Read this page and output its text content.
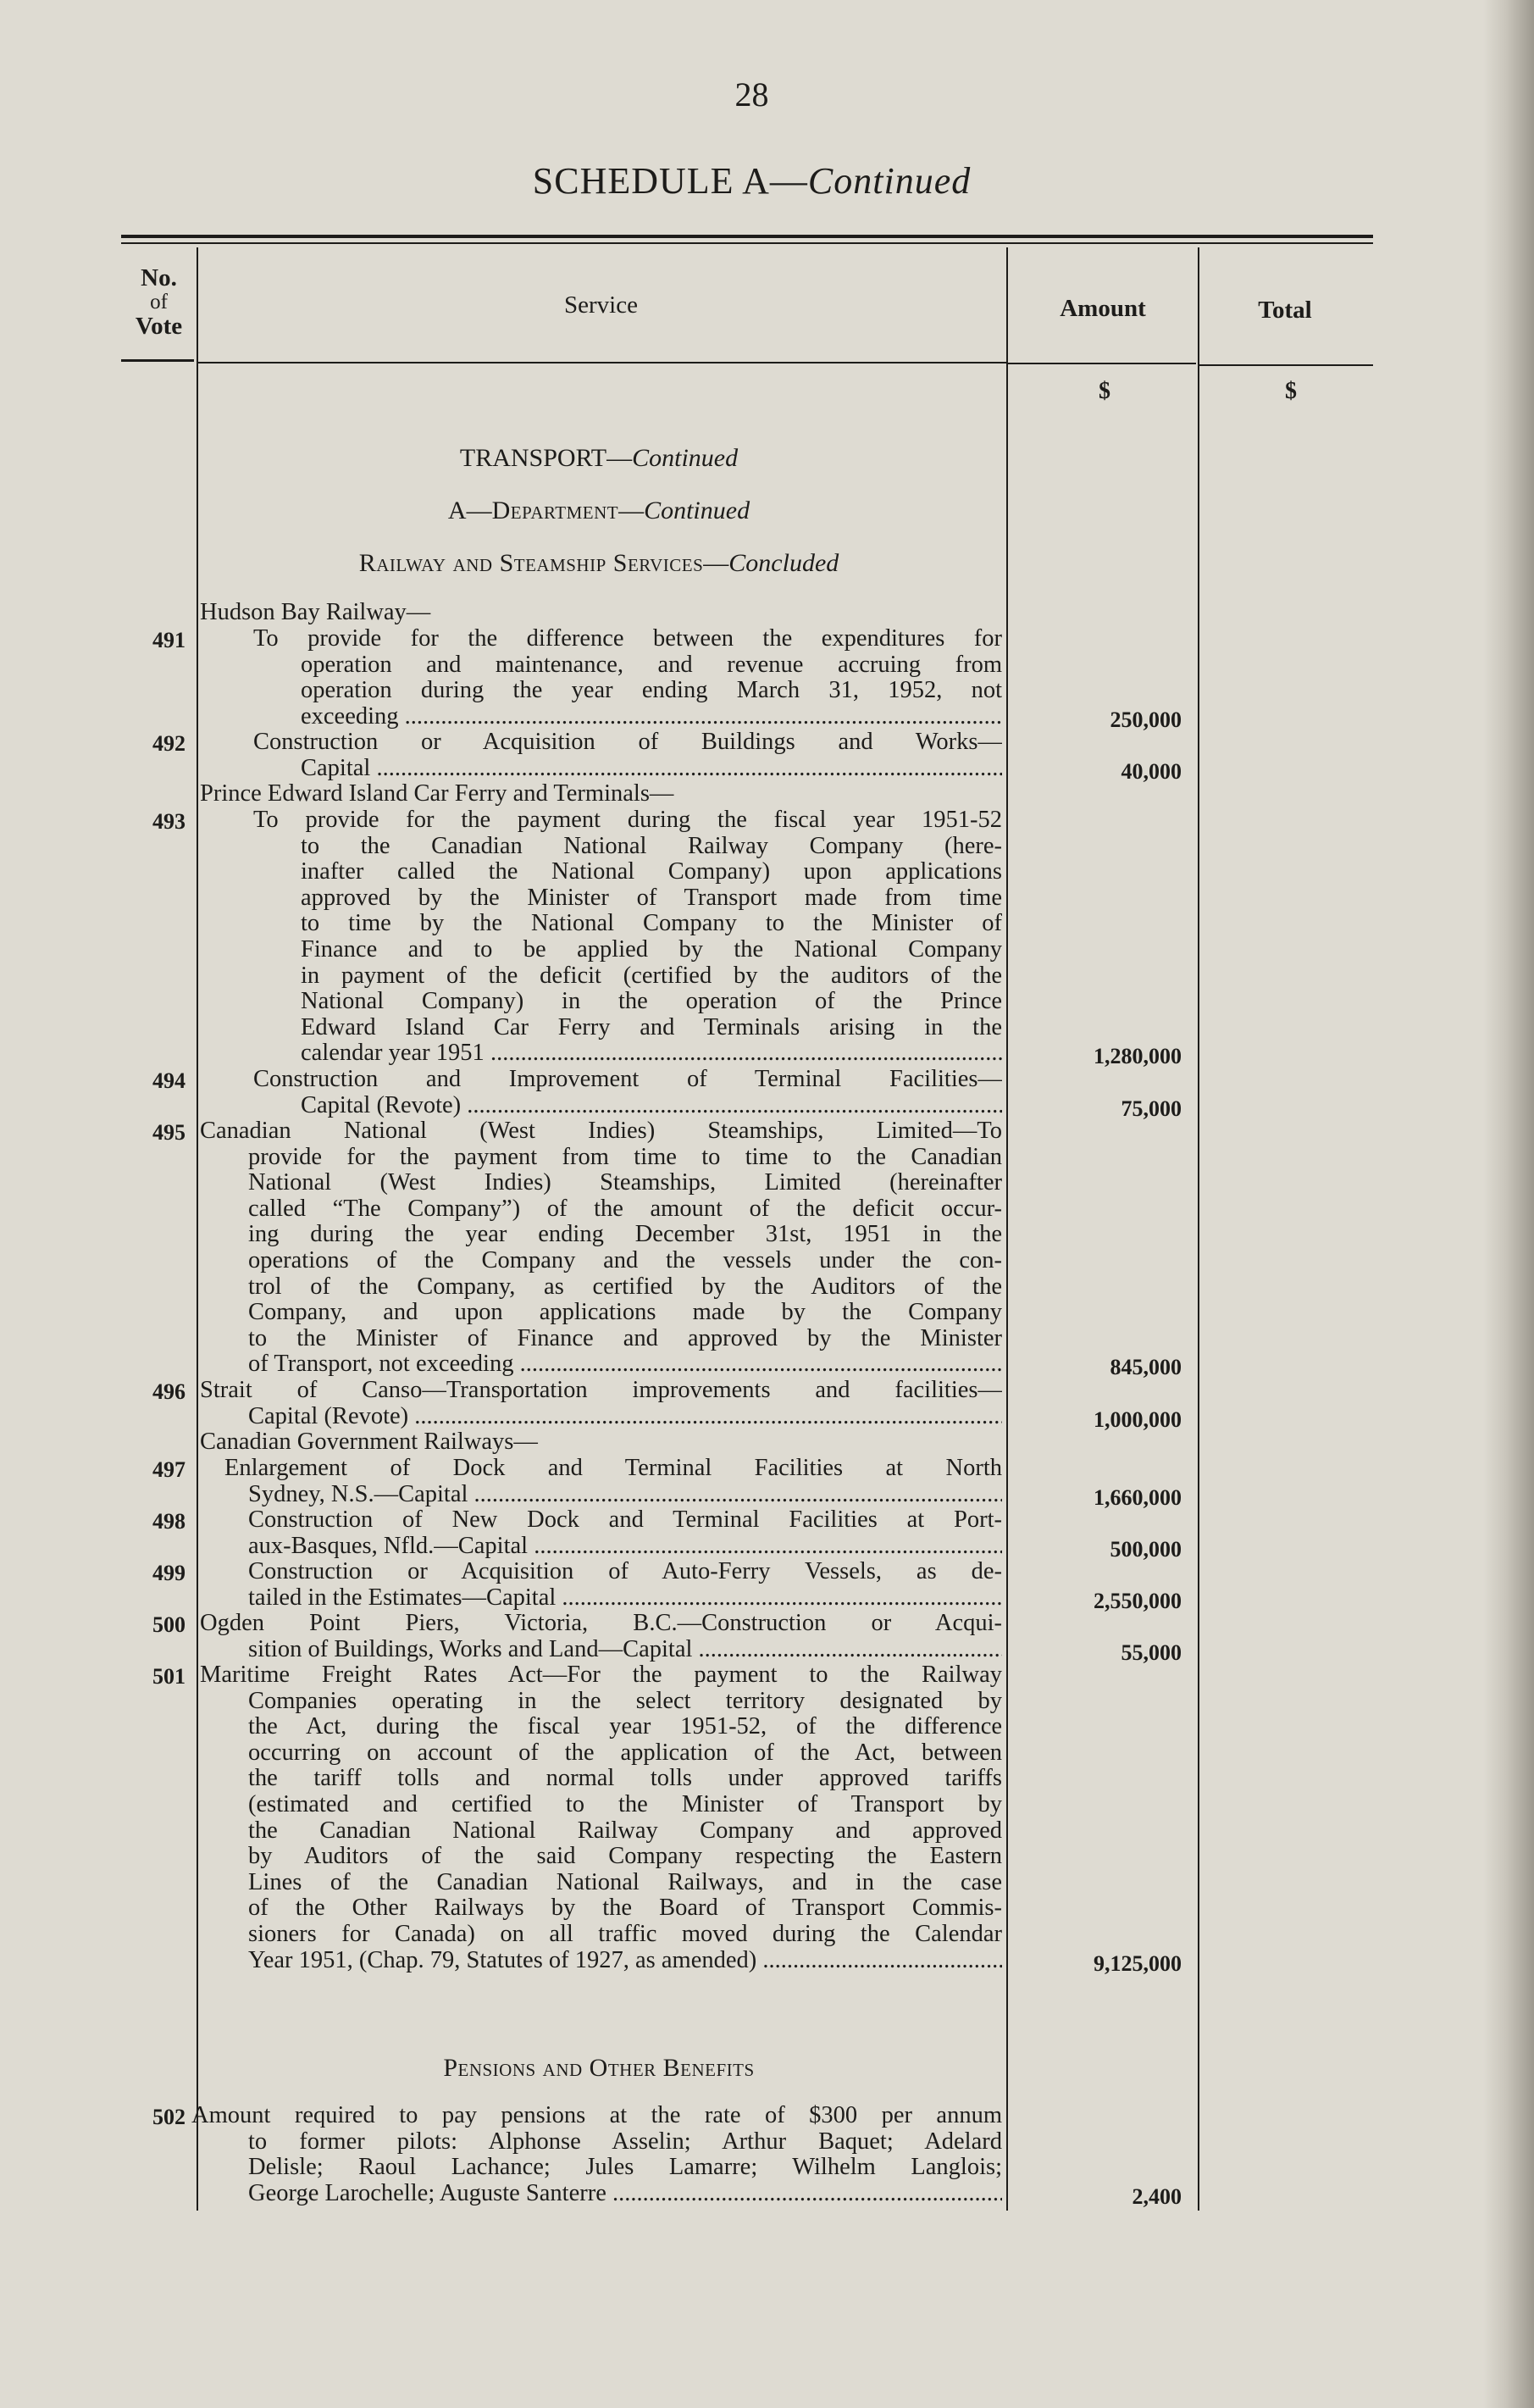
28
SCHEDULE A—Continued
No.
of
Vote
Service	Amount	Total
$	$
TRANSPORT—Continued
A—Department—Continued
Railway and Steamship Services—Concluded
Pensions and Other Benefits
Hudson Bay Railway—
491	To provide for the difference between the expenditures for
operation and maintenance, and revenue accruing from
operation during the year ending March 31, 1952, not
exceeding .....	250,000
492	Construction or Acquisition of Buildings and Works—
Capital .....	40,000
Prince Edward Island Car Ferry and Terminals—
493	To provide for the payment during the fiscal year 1951-52
to the Canadian National Railway Company (here-
inafter called the National Company) upon applications
approved by the Minister of Transport made from time
to time by the National Company to the Minister of
Finance and to be applied by the National Company
in payment of the deficit (certified by the auditors of the
National Company) in the operation of the Prince
Edward Island Car Ferry and Terminals arising in the
calendar year 1951 .....	1,280,000
494	Construction and Improvement of Terminal Facilities—
Capital (Revote) .....	75,000
495 Canadian National (West Indies) Steamships, Limited—To
provide for the payment from time to time to the Canadian
National (West Indies) Steamships, Limited (hereinafter
called “The Company”) of the amount of the deficit occur-
ing during the year ending December 31st, 1951 in the
operations of the Company and the vessels under the con-
trol of the Company, as certified by the Auditors of the
Company, and upon applications made by the Company
to the Minister of Finance and approved by the Minister
of Transport, not exceeding .....	845,000
496 Strait of Canso—Transportation improvements and facilities—
Capital (Revote) .....	1,000,000
Canadian Government Railways—
497 Enlargement of Dock and Terminal Facilities at North
Sydney, N.S.—Capital .....	1,660,000
498	Construction of New Dock and Terminal Facilities at Port-
aux-Basques, Nfld.—Capital .....	500,000
499	Construction or Acquisition of Auto-Ferry Vessels, as de-
tailed in the Estimates—Capital .....	2,550,000
500 Ogden Point Piers, Victoria, B.C.—Construction or Acqui-
sition of Buildings, Works and Land—Capital .....	55,000
501 Maritime Freight Rates Act—For the payment to the Railway
Companies operating in the select territory designated by
the Act, during the fiscal year 1951-52, of the difference
occurring on account of the application of the Act, between
the tariff tolls and normal tolls under approved tariffs
(estimated and certified to the Minister of Transport by
the Canadian National Railway Company and approved
by Auditors of the said Company respecting the Eastern
Lines of the Canadian National Railways, and in the case
of the Other Railways by the Board of Transport Commis-
sioners for Canada) on all traffic moved during the Calendar
Year 1951, (Chap. 79, Statutes of 1927, as amended) .....	9,125,000
502 Amount required to pay pensions at the rate of $300 per annum
to former pilots: Alphonse Asselin; Arthur Baquet; Adelard
Delisle; Raoul Lachance; Jules Lamarre; Wilhelm Langlois;
George Larochelle; Auguste Santerre .....	2,400
